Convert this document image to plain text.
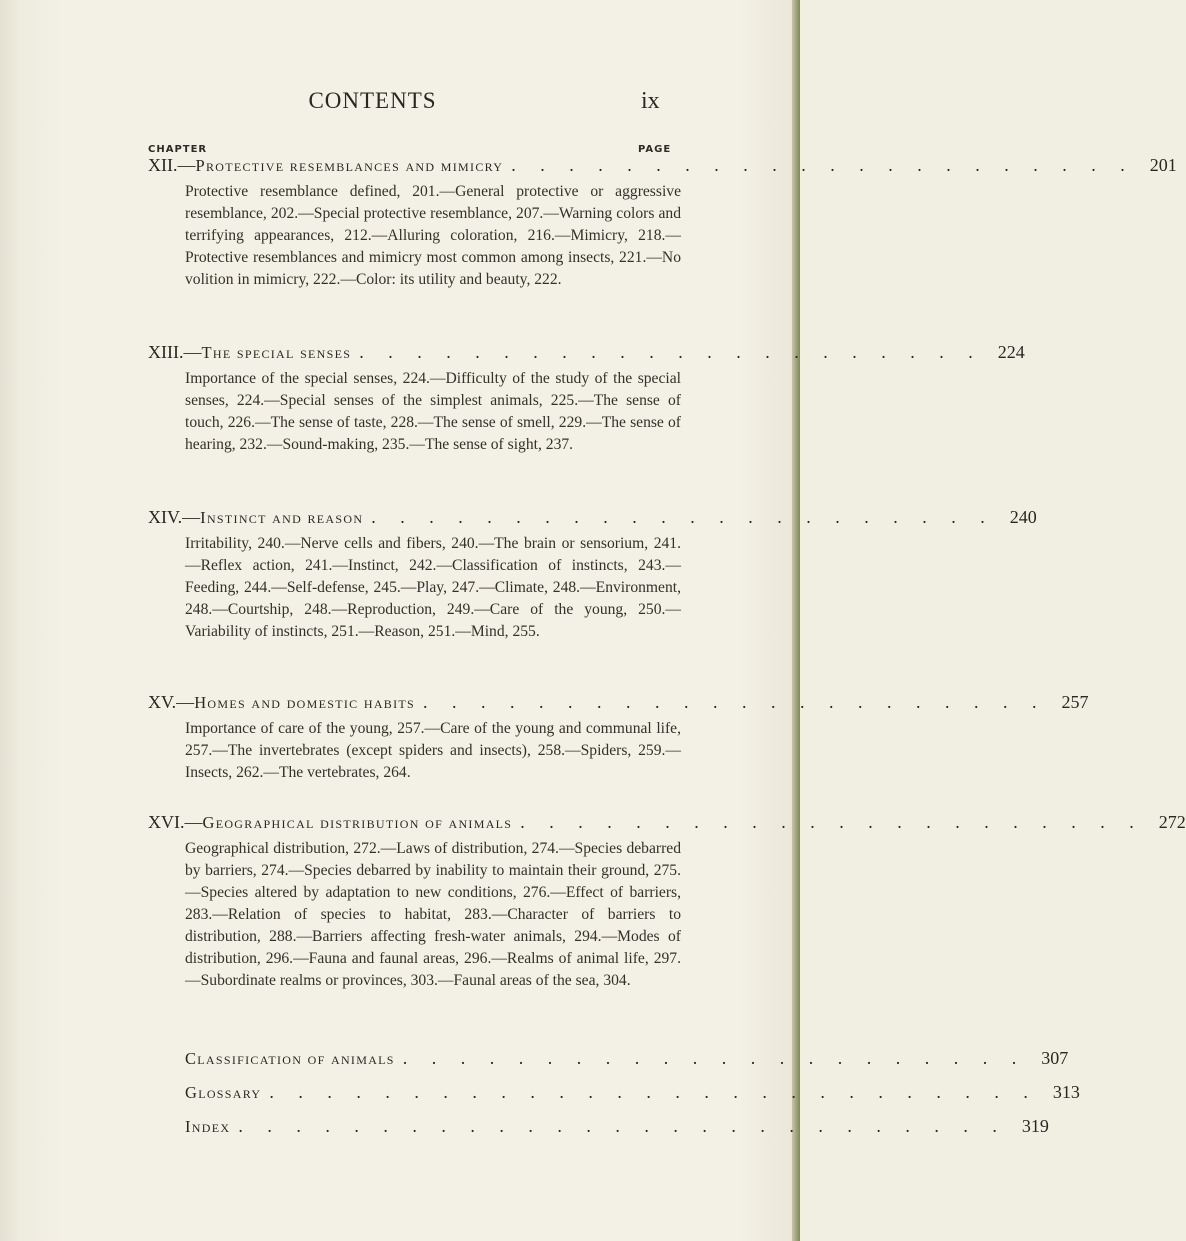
CONTENTS	ix
CHAPTER	PAGE
XII.— Protective resemblances and mimicry . . . . . . . . . . . . . . . . . . . . . . 201
Protective resemblance defined, 201.—General protective or aggressive resemblance, 202.—Special protective resemblance, 207.—Warning colors and terrifying appearances, 212.—Alluring coloration, 216.—Mimicry, 218.—Protective resemblances and mimicry most common among insects, 221.—No volition in mimicry, 222.—Color: its utility and beauty, 222.
XIII.— The special senses . . . . . . . . . . . . . . . . . . . . . . 224
Importance of the special senses, 224.—Difficulty of the study of the special senses, 224.—Special senses of the simplest animals, 225.—The sense of touch, 226.—The sense of taste, 228.—The sense of smell, 229.—The sense of hearing, 232.—Sound-making, 235.—The sense of sight, 237.
XIV.— Instinct and reason . . . . . . . . . . . . . . . . . . . . . . 240
Irritability, 240.—Nerve cells and fibers, 240.—The brain or sensorium, 241.—Reflex action, 241.—Instinct, 242.—Classification of instincts, 243.—Feeding, 244.—Self-defense, 245.—Play, 247.—Climate, 248.—Environment, 248.—Courtship, 248.—Reproduction, 249.—Care of the young, 250.—Variability of instincts, 251.—Reason, 251.—Mind, 255.
XV.— Homes and domestic habits . . . . . . . . . . . . . . . . . . . . . . 257
Importance of care of the young, 257.—Care of the young and communal life, 257.—The invertebrates (except spiders and insects), 258.—Spiders, 259.—Insects, 262.—The vertebrates, 264.
XVI.— Geographical distribution of animals . . . . . . . . . . . . . . . . . . . . . . 272
Geographical distribution, 272.—Laws of distribution, 274.—Species debarred by barriers, 274.—Species debarred by inability to maintain their ground, 275.—Species altered by adaptation to new conditions, 276.—Effect of barriers, 283.—Relation of species to habitat, 283.—Character of barriers to distribution, 288.—Barriers affecting fresh-water animals, 294.—Modes of distribution, 296.—Fauna and faunal areas, 296.—Realms of animal life, 297.—Subordinate realms or provinces, 303.—Faunal areas of the sea, 304.
Classification of animals . . . . . . . . . . . . . . . . . . . . . . 307
Glossary . . . . . . . . . . . . . . . . . . . . . . . . . . . 313
Index . . . . . . . . . . . . . . . . . . . . . . . . . . . 319
